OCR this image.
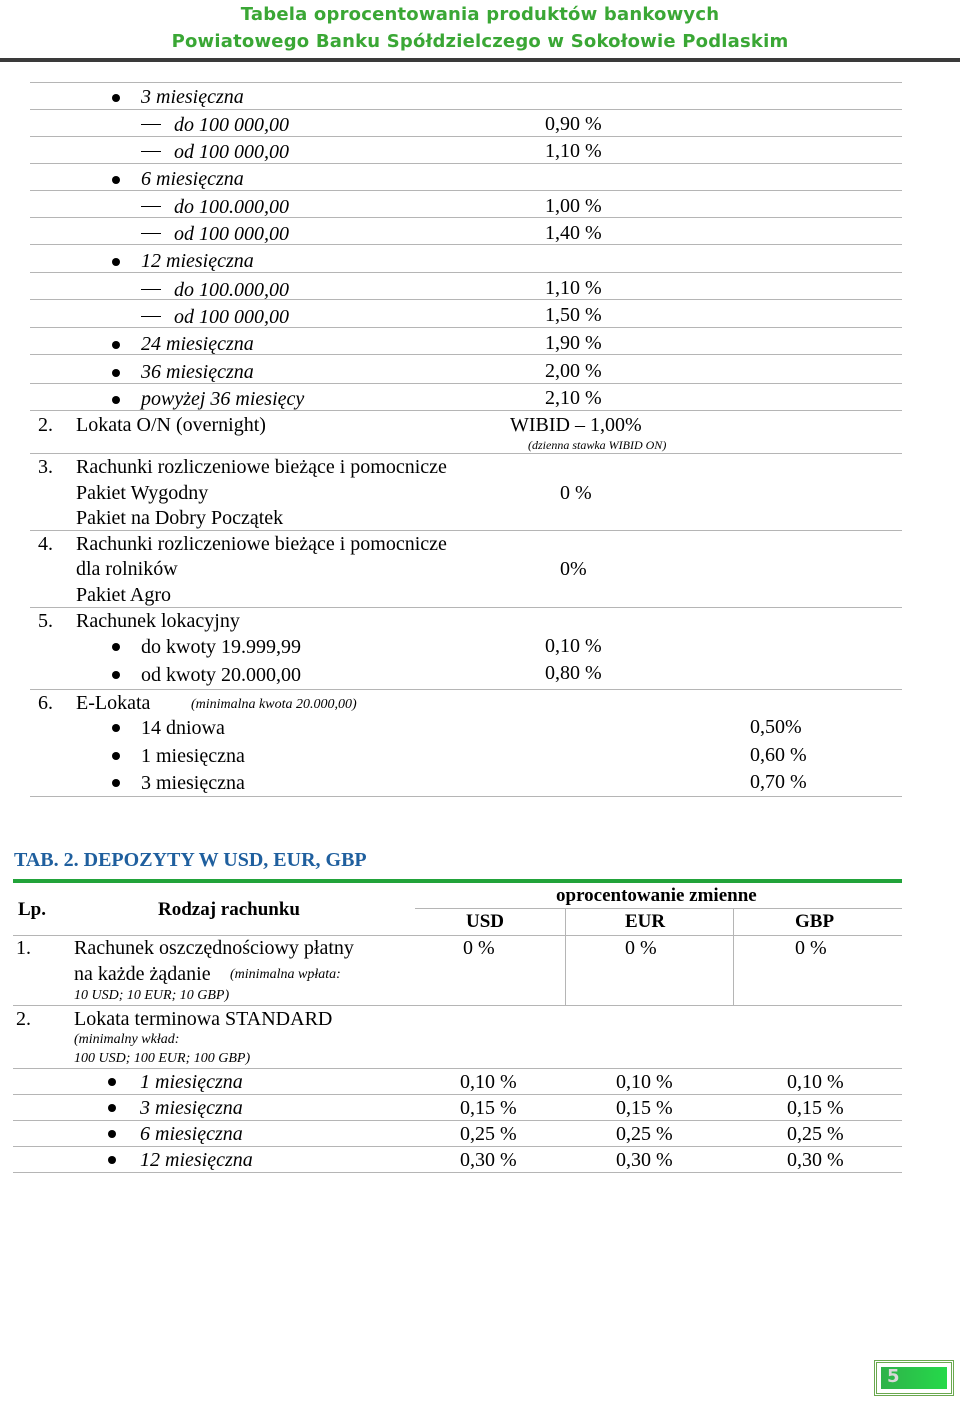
Tabela oprocentowania produktów bankowych
Powiatowego Banku Spółdzielczego w Sokołowie Podlaskim
3 miesięczna
do 100 000,00	0,90 %
od 100 000,00	1,10 %
6 miesięczna
do 100.000,00	1,00 %
od 100 000,00	1,40 %
12 miesięczna
do 100.000,00	1,10 %
od 100 000,00	1,50 %
24 miesięczna	1,90 %
36 miesięczna	2,00 %
powyżej 36 miesięcy	2,10 %
2. Lokata O/N (overnight)	WIBID – 1,00%
(dzienna stawka WIBID ON)
3. Rachunki rozliczeniowe bieżące i pomocnicze
Pakiet Wygodny
Pakiet na Dobry Początek
0 %
4. Rachunki rozliczeniowe bieżące i pomocnicze
dla rolników
Pakiet Agro
0%
5. Rachunek lokacyjny
do kwoty 19.999,99	0,10 %
od kwoty 20.000,00	0,80 %
6. E-Lokata	(minimalna kwota 20.000,00)
14 dniowa	0,50%
1 miesięczna	0,60 %
3 miesięczna	0,70 %
TAB. 2. DEPOZYTY W USD, EUR, GBP
Lp.	Rodzaj rachunku
oprocentowanie zmienne
USD	EUR	GBP
1. Rachunek oszczędnościowy płatny
na każde żądanie (minimalna wpłata:
10 USD; 10 EUR; 10 GBP)
0 %	0 %	0 %
2. Lokata terminowa STANDARD
(minimalny wkład:
100 USD; 100 EUR; 100 GBP)
1 miesięczna	0,10 %	0,10 %	0,10 %
3 miesięczna	0,15 %	0,15 %	0,15 %
6 miesięczna	0,25 %	0,25 %	0,25 %
12 miesięczna	0,30 %	0,30 %	0,30 %
5
